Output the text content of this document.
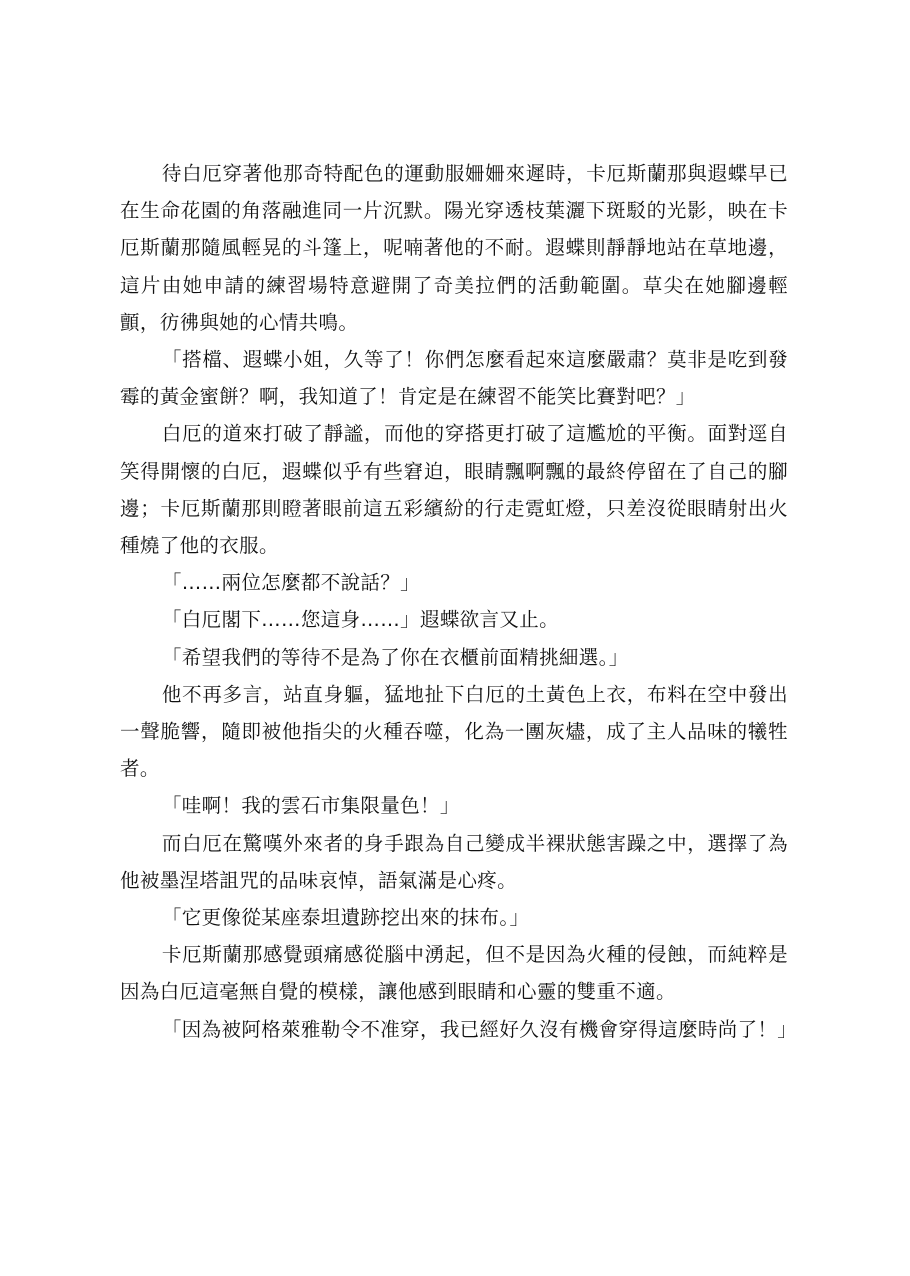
待白厄穿著他那奇特配色的運動服姍姍來遲時，卡厄斯蘭那與遐蝶早已在生命花園的角落融進同一片沉默。陽光穿透枝葉灑下斑駁的光影，映在卡厄斯蘭那隨風輕晃的斗篷上，呢喃著他的不耐。遐蝶則靜靜地站在草地邊，這片由她申請的練習場特意避開了奇美拉們的活動範圍。草尖在她腳邊輕顫，彷彿與她的心情共鳴。

「搭檔、遐蝶小姐，久等了！你們怎麼看起來這麼嚴肅？莫非是吃到發霉的黃金蜜餅？啊，我知道了！肯定是在練習不能笑比賽對吧？」

白厄的道來打破了靜謐，而他的穿搭更打破了這尷尬的平衡。面對逕自笑得開懷的白厄，遐蝶似乎有些窘迫，眼睛飄啊飄的最終停留在了自己的腳邊；卡厄斯蘭那則瞪著眼前這五彩繽紛的行走霓虹燈，只差沒從眼睛射出火種燒了他的衣服。

「……兩位怎麼都不說話？」

「白厄閣下……您這身……」遐蝶欲言又止。

「希望我們的等待不是為了你在衣櫃前面精挑細選。」

他不再多言，站直身軀，猛地扯下白厄的土黃色上衣，布料在空中發出一聲脆響，隨即被他指尖的火種吞噬，化為一團灰燼，成了主人品味的犧牲者。

「哇啊！我的雲石市集限量色！」

而白厄在驚嘆外來者的身手跟為自己變成半裸狀態害躁之中，選擇了為他被墨涅塔詛咒的品味哀悼，語氣滿是心疼。

「它更像從某座泰坦遺跡挖出來的抹布。」

卡厄斯蘭那感覺頭痛感從腦中湧起，但不是因為火種的侵蝕，而純粹是因為白厄這毫無自覺的模樣，讓他感到眼睛和心靈的雙重不適。

「因為被阿格萊雅勒令不准穿，我已經好久沒有機會穿得這麼時尚了！」
